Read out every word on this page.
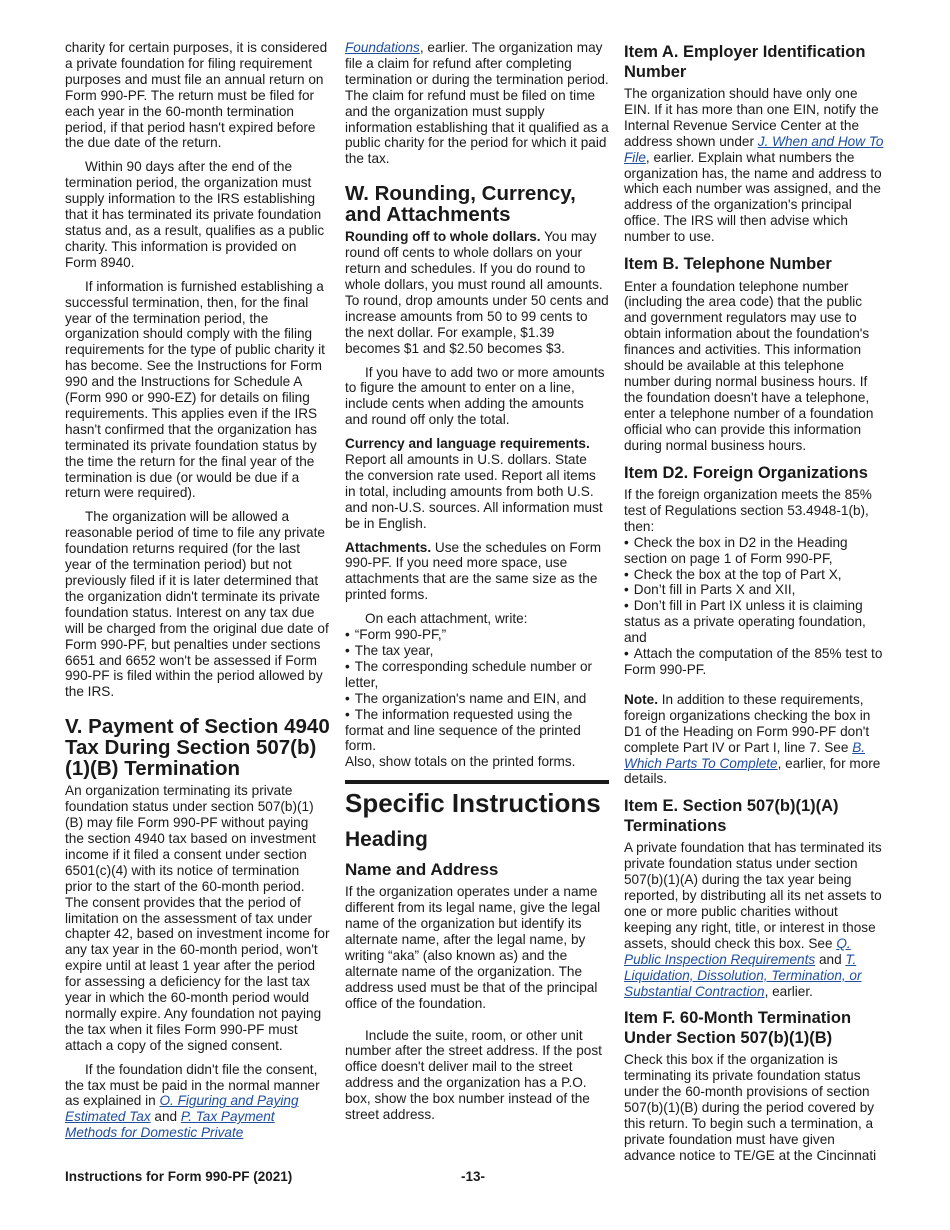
charity for certain purposes, it is considered a private foundation for filing requirement purposes and must file an annual return on Form 990-PF. The return must be filed for each year in the 60-month termination period, if that period hasn't expired before the due date of the return.

Within 90 days after the end of the termination period, the organization must supply information to the IRS establishing that it has terminated its private foundation status and, as a result, qualifies as a public charity. This information is provided on Form 8940.

If information is furnished establishing a successful termination, then, for the final year of the termination period, the organization should comply with the filing requirements for the type of public charity it has become. See the Instructions for Form 990 and the Instructions for Schedule A (Form 990 or 990-EZ) for details on filing requirements. This applies even if the IRS hasn't confirmed that the organization has terminated its private foundation status by the time the return for the final year of the termination is due (or would be due if a return were required).

The organization will be allowed a reasonable period of time to file any private foundation returns required (for the last year of the termination period) but not previously filed if it is later determined that the organization didn't terminate its private foundation status. Interest on any tax due will be charged from the original due date of Form 990-PF, but penalties under sections 6651 and 6652 won't be assessed if Form 990-PF is filed within the period allowed by the IRS.

V. Payment of Section 4940 Tax During Section 507(b)(1)(B) Termination

An organization terminating its private foundation status under section 507(b)(1)(B) may file Form 990-PF without paying the section 4940 tax based on investment income if it filed a consent under section 6501(c)(4) with its notice of termination prior to the start of the 60-month period. The consent provides that the period of limitation on the assessment of tax under chapter 42, based on investment income for any tax year in the 60-month period, won't expire until at least 1 year after the period for assessing a deficiency for the last tax year in which the 60-month period would normally expire. Any foundation not paying the tax when it files Form 990-PF must attach a copy of the signed consent.

If the foundation didn't file the consent, the tax must be paid in the normal manner as explained in O. Figuring and Paying Estimated Tax and P. Tax Payment Methods for Domestic Private

Foundations, earlier. The organization may file a claim for refund after completing termination or during the termination period. The claim for refund must be filed on time and the organization must supply information establishing that it qualified as a public charity for the period for which it paid the tax.

W. Rounding, Currency, and Attachments

Rounding off to whole dollars. You may round off cents to whole dollars on your return and schedules. If you do round to whole dollars, you must round all amounts. To round, drop amounts under 50 cents and increase amounts from 50 to 99 cents to the next dollar. For example, $1.39 becomes $1 and $2.50 becomes $3.

If you have to add two or more amounts to figure the amount to enter on a line, include cents when adding the amounts and round off only the total.

Currency and language requirements. Report all amounts in U.S. dollars. State the conversion rate used. Report all items in total, including amounts from both U.S. and non-U.S. sources. All information must be in English.

Attachments. Use the schedules on Form 990-PF. If you need more space, use attachments that are the same size as the printed forms.

On each attachment, write:
• “Form 990-PF,”
• The tax year,
• The corresponding schedule number or letter,
• The organization's name and EIN, and
• The information requested using the format and line sequence of the printed form.
Also, show totals on the printed forms.
Specific Instructions
Heading
Name and Address

If the organization operates under a name different from its legal name, give the legal name of the organization but identify its alternate name, after the legal name, by writing “aka” (also known as) and the alternate name of the organization. The address used must be that of the principal office of the foundation.

Include the suite, room, or other unit number after the street address. If the post office doesn't deliver mail to the street address and the organization has a P.O. box, show the box number instead of the street address.

Item A. Employer Identification Number

The organization should have only one EIN. If it has more than one EIN, notify the Internal Revenue Service Center at the address shown under J. When and How To File, earlier. Explain what numbers the organization has, the name and address to which each number was assigned, and the address of the organization's principal office. The IRS will then advise which number to use.

Item B. Telephone Number

Enter a foundation telephone number (including the area code) that the public and government regulators may use to obtain information about the foundation's finances and activities. This information should be available at this telephone number during normal business hours. If the foundation doesn't have a telephone, enter a telephone number of a foundation official who can provide this information during normal business hours.

Item D2. Foreign Organizations
If the foreign organization meets the 85% test of Regulations section 53.4948-1(b), then:
• Check the box in D2 in the Heading section on page 1 of Form 990-PF,
• Check the box at the top of Part X,
• Don’t fill in Parts X and XII,
• Don’t fill in Part IX unless it is claiming status as a private operating foundation, and
• Attach the computation of the 85% test to Form 990-PF.

Note. In addition to these requirements, foreign organizations checking the box in D1 of the Heading on Form 990-PF don't complete Part IV or Part I, line 7. See B. Which Parts To Complete, earlier, for more details.

Item E. Section 507(b)(1)(A) Terminations

A private foundation that has terminated its private foundation status under section 507(b)(1)(A) during the tax year being reported, by distributing all its net assets to one or more public charities without keeping any right, title, or interest in those assets, should check this box. See Q. Public Inspection Requirements and T. Liquidation, Dissolution, Termination, or Substantial Contraction, earlier.

Item F. 60-Month Termination Under Section 507(b)(1)(B)

Check this box if the organization is terminating its private foundation status under the 60-month provisions of section 507(b)(1)(B) during the period covered by this return. To begin such a termination, a private foundation must have given advance notice to TE/GE at the Cincinnati

Instructions for Form 990-PF (2021)	-13-
